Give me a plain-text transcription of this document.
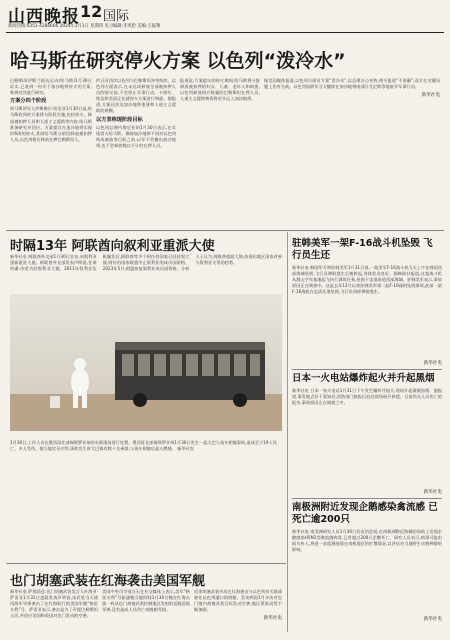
山西晚报 12 国际
新闻热线:0351-4286666 2024年2月1日 星期四 见习编辑:李兆伦 美编:王振翔
哈马斯在研究停火方案 以色列“泼冷水”
巴勒斯坦伊斯兰抵抗运动(哈马斯)1月30日证实,已收到一份关于加沙地带停火的方案,称将对其进行研究。
方案分四个阶段
哈马斯领导人伊斯梅尔·哈尼亚1月30日说,哈马斯收到的方案将分阶段实施,包括停火、释放被扣押人员和人道主义援助等内容,哈马斯准备研究并回应。方案提议在加沙地带实现约6周的停火,其间哈马斯分阶段释放被扣押人员,以色列相应释放在押巴勒斯坦人。
约旦河西岸以色列与巴勒斯坦冲突持续。以色列方面表示,在未达成释放全部被扣押人员的协议前,不会停止军事行动。卡塔尔、埃及和美国正在就停火方案进行斡旋。据报道,方案还涉及加沙地带重建和人道主义援助的规模。
以方坚称现阶段目标
以色列总理内塔尼亚胡1月30日表示,在实现消灭哈马斯、确保加沙地带不再对以色列构成威胁等目标之前,以军不会撤出加沙地带,也不会释放数以千计的在押人员。
报道说,方案提议的停火期间,哈马斯将分批释放被扣押的妇女、儿童、老年人和病患,以色列释放相应数量的巴勒斯坦在押人员,人道主义援助物资将更多运入加沙地带。
据美国媒体报道,以色列方面对方案“泼冷水”,以总理办公室称,相关报道“不准确”,双方在关键问题上仍有分歧。以色列国防军当天继续在加沙地带南部汗尤尼斯等地展开军事行动。
新华社电
时隔13年 阿联酋向叙利亚重派大使
新华社电 阿联酋外交部1月30日宣布,向叙利亚重新派驻大使。阿联酋外交部发表声明说,任命哈桑·沙希为驻叙利亚大使。2011年叙利亚危机爆发后,阿联酋等多个阿拉伯国家召回驻叙大使,阿拉伯国家联盟中止叙利亚的成员国资格。2023年5月,阿盟恢复叙利亚成员国资格。分析人士认为,阿联酋重派大使,体现出地区国家改善与叙利亚关系的趋势。
1月30日,工作人员在墨西哥北部锡那罗亚州的车祸现场进行处置。墨西哥北部锡那罗亚州1月30日发生一起大巴与货车相撞事故,造成至少19人死亡、多人受伤。据当地官员介绍,事故发生时大巴载有数十名乘客,与货车相撞后起火燃烧。 新华社发
也门胡塞武装在红海袭击美国军舰
新华社电 萨那消息:也门胡塞武装发言人叶海亚·萨雷亚1月31日凌晨发表声明说,该武装当天使用海军导弹袭击了在红海航行的美国军舰“格雷夫利”号。萨雷亚表示,袭击是为了声援巴勒斯坦人民,并回应美国和英国对也门发动的空袭。
美国中央司令部当天在社交媒体上表示,美军“格雷夫利”号驱逐舰当地时间1月30日晚在红海击落一枚从也门胡塞武装控制地区发射的反舰巡航导弹,没有造成人员伤亡或舰船受损。
近来胡塞武装多次在红海袭击与以色列有关联或驶往以色列港口的商船。美英两国1月多次对也门境内胡塞武装目标发动空袭,地区紧张局势不断加剧。
新华社电
驻韩美军一架F-16战斗机坠毁 飞行员生还
新华社电 韩国军方和驻韩美军1月31日说,一架美军F-16战斗机当天上午在韩国西部海域坠毁,飞行员弹射逃生后被救起,身体状况良好。据韩联社报道,这架战斗机从群山空军基地起飞执行训练任务,坠毁于忠清南道西部海域。驻韩美军表示,事故原因正在调查中。这是去年12月以来驻韩美军第二起F-16战机坠毁事故,此前一架F-16战机在忠清北道坠毁,飞行员同样弹射逃生。
新华社电
日本一火电站爆炸起火并升起黑烟
新华社电 日本一家火电站1月31日下午发生爆炸并起火,现场升起滚滚黑烟。据报道,事发地点位于爱知县,消防部门接报后赶赴现场展开救援。目前尚无人员伤亡的报告,事故原因正在调查之中。
新华社电
南极洲附近发现企鹅感染禽流感 已死亡逾200只
新华社电 南美洲研究人员1月30日发布消息说,在南极洲附近海域的岛屿上发现企鹅感染H5N1型禽流感病毒,已有超过200只企鹅死亡。研究人员表示,病毒可能由候鸟传入,将进一步监测疫情在南极地区的扩散情况,以评估对当地野生动物种群的影响。
新华社电
